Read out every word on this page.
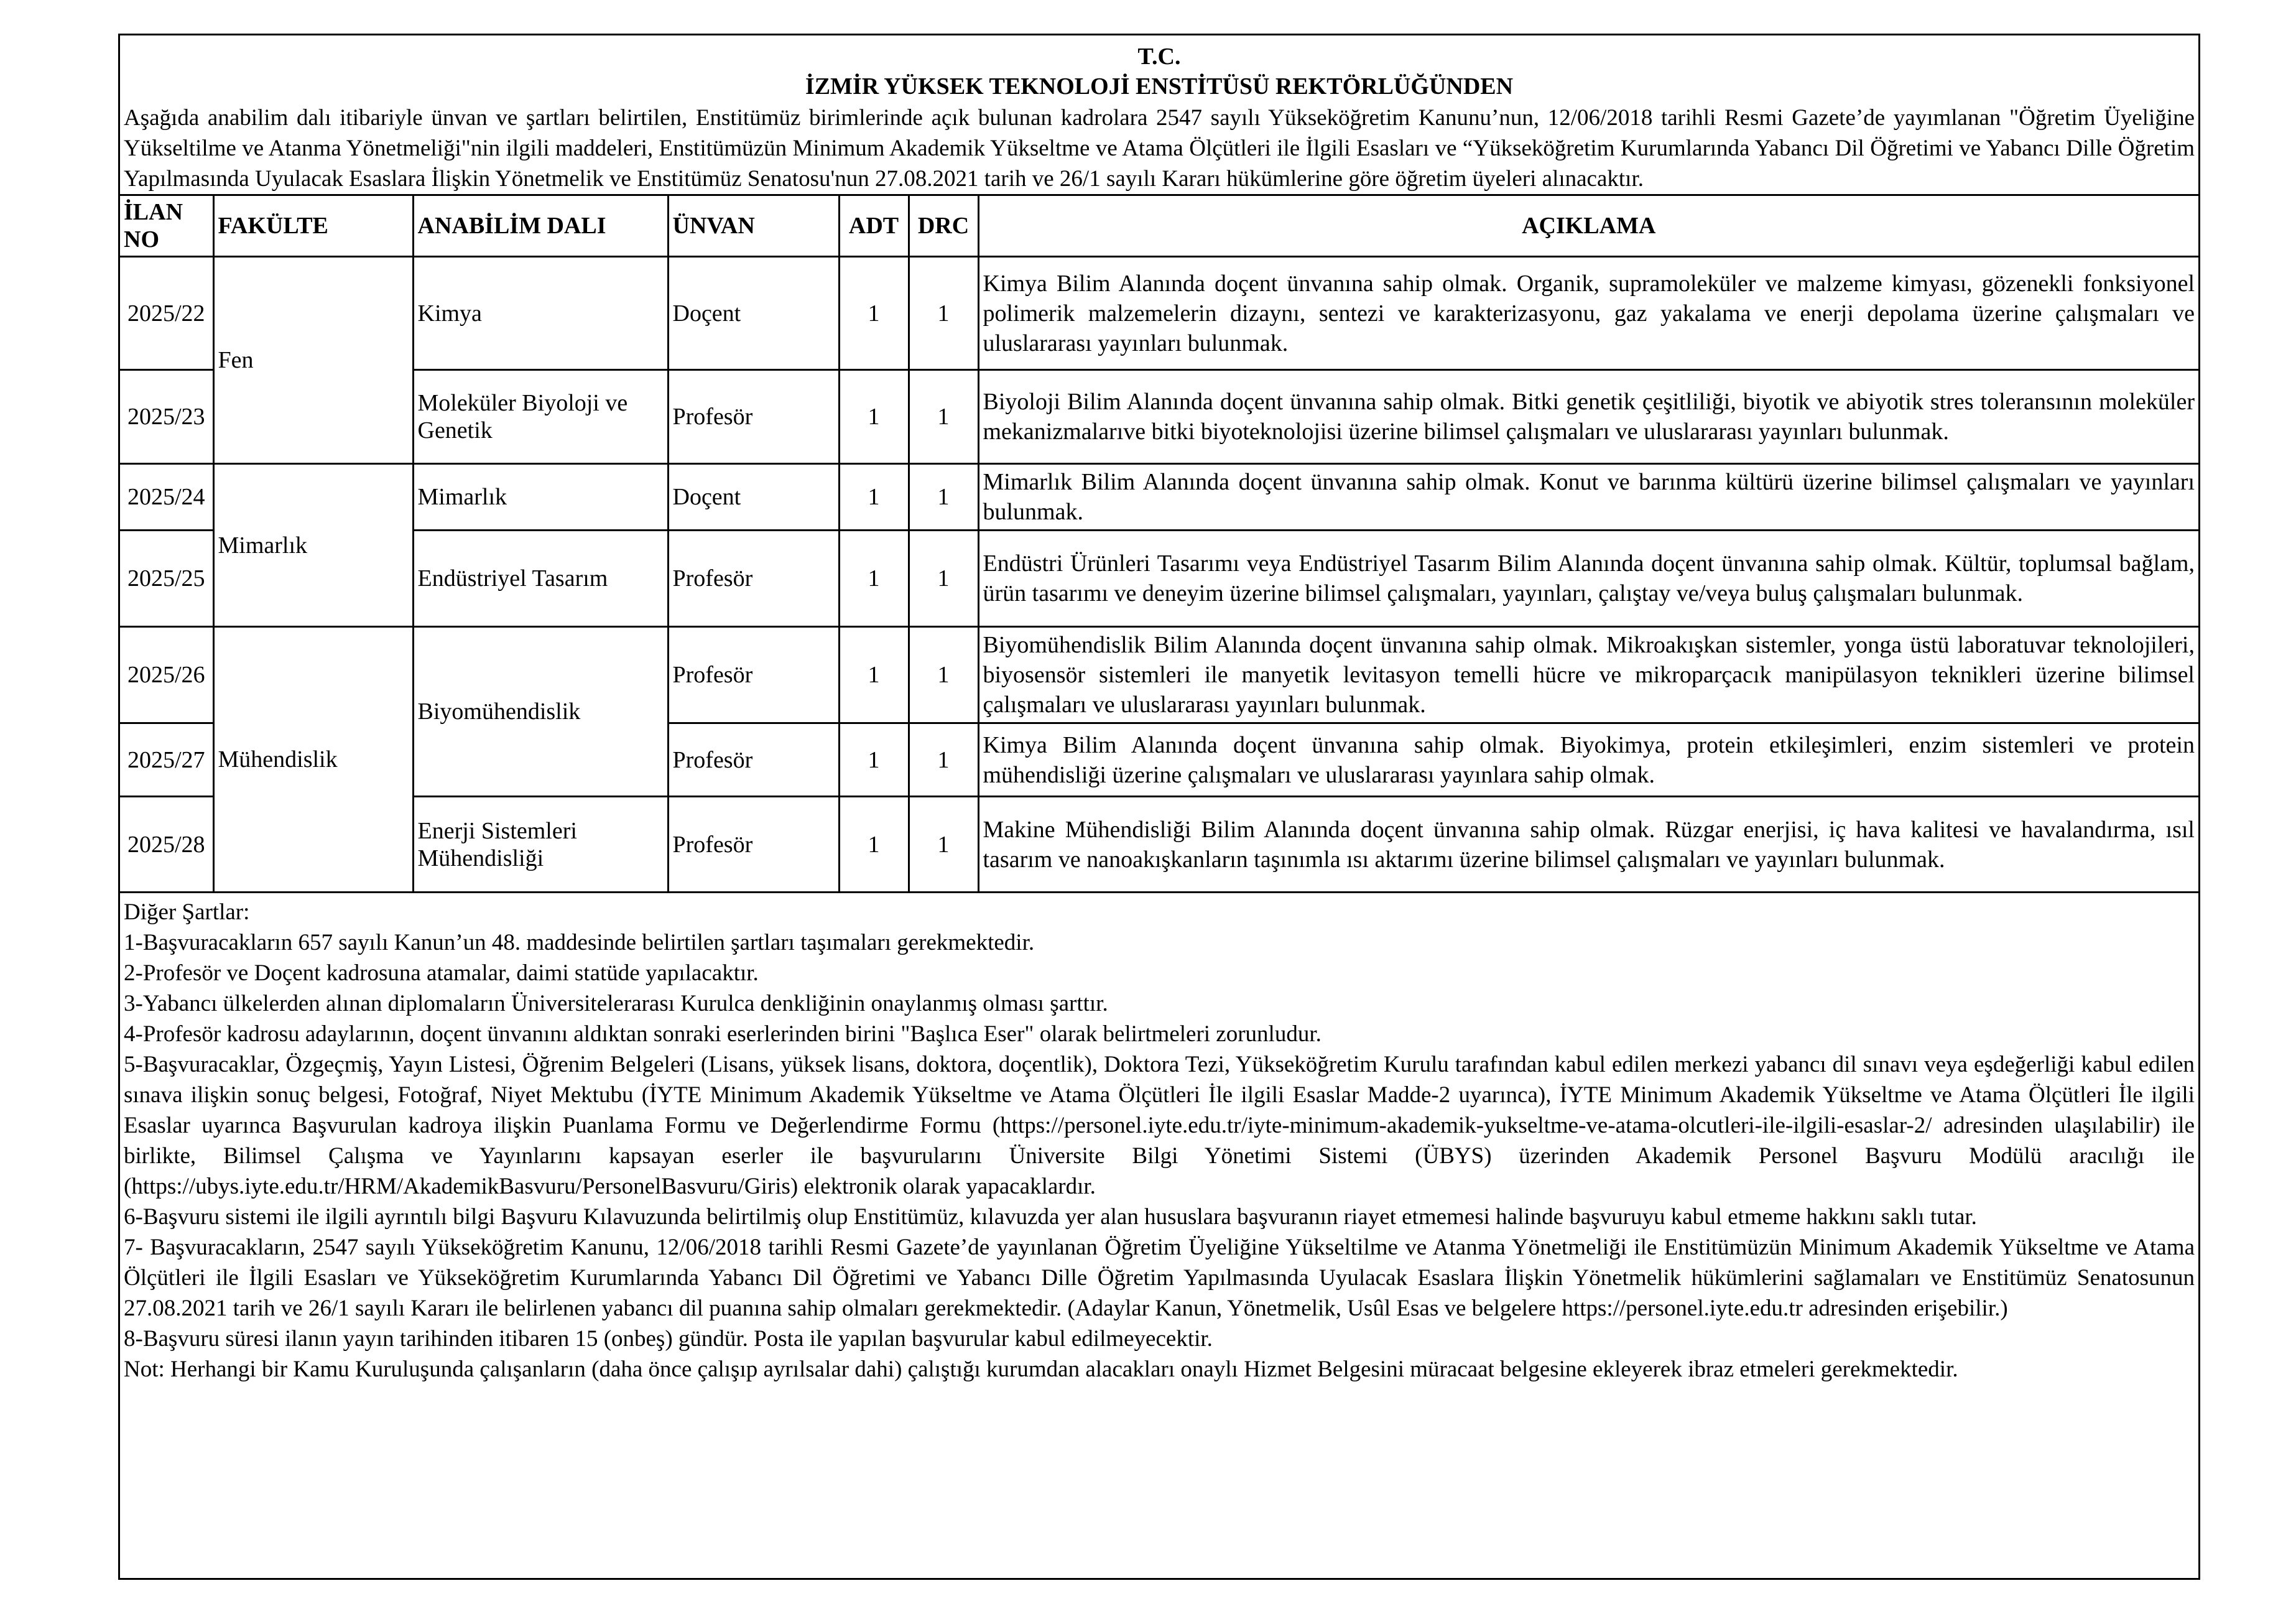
T.C.
İZMİR YÜKSEK TEKNOLOJİ ENSTİTÜSÜ REKTÖRLÜĞÜNDEN
Aşağıda anabilim dalı itibariyle ünvan ve şartları belirtilen, Enstitümüz birimlerinde açık bulunan kadrolara 2547 sayılı Yükseköğretim Kanunu’nun, 12/06/2018 tarihli Resmi Gazete’de yayımlanan "Öğretim Üyeliğine Yükseltilme ve Atanma Yönetmeliği"nin ilgili maddeleri, Enstitümüzün Minimum Akademik Yükseltme ve Atama Ölçütleri ile İlgili Esasları ve “Yükseköğretim Kurumlarında Yabancı Dil Öğretimi ve Yabancı Dille Öğretim Yapılmasında Uyulacak Esaslara İlişkin Yönetmelik ve Enstitümüz Senatosu'nun 27.08.2021 tarih ve 26/1 sayılı Kararı hükümlerine göre öğretim üyeleri alınacaktır.
İLAN NO	FAKÜLTE	ANABİLİM DALI	ÜNVAN	ADT	DRC	AÇIKLAMA
2025/22	Fen	Kimya	Doçent	1	1	Kimya Bilim Alanında doçent ünvanına sahip olmak. Organik, supramoleküler ve malzeme kimyası, gözenekli fonksiyonel polimerik malzemelerin dizaynı, sentezi ve karakterizasyonu, gaz yakalama ve enerji depolama üzerine çalışmaları ve uluslararası yayınları bulunmak.
2025/23		Moleküler Biyoloji ve Genetik	Profesör	1	1	Biyoloji Bilim Alanında doçent ünvanına sahip olmak. Bitki genetik çeşitliliği, biyotik ve abiyotik stres toleransının moleküler mekanizmalarıve bitki biyoteknolojisi üzerine bilimsel çalışmaları ve uluslararası yayınları bulunmak.
2025/24	Mimarlık	Mimarlık	Doçent	1	1	Mimarlık Bilim Alanında doçent ünvanına sahip olmak. Konut ve barınma kültürü üzerine bilimsel çalışmaları ve yayınları bulunmak.
2025/25		Endüstriyel Tasarım	Profesör	1	1	Endüstri Ürünleri Tasarımı veya Endüstriyel Tasarım Bilim Alanında doçent ünvanına sahip olmak. Kültür, toplumsal bağlam, ürün tasarımı ve deneyim üzerine bilimsel çalışmaları, yayınları, çalıştay ve/veya buluş çalışmaları bulunmak.
2025/26	Mühendislik	Biyomühendislik	Profesör	1	1	Biyomühendislik Bilim Alanında doçent ünvanına sahip olmak. Mikroakışkan sistemler, yonga üstü laboratuvar teknolojileri, biyosensör sistemleri ile manyetik levitasyon temelli hücre ve mikroparçacık manipülasyon teknikleri üzerine bilimsel çalışmaları ve uluslararası yayınları bulunmak.
2025/27			Profesör	1	1	Kimya Bilim Alanında doçent ünvanına sahip olmak. Biyokimya, protein etkileşimleri, enzim sistemleri ve protein mühendisliği üzerine çalışmaları ve uluslararası yayınlara sahip olmak.
2025/28		Enerji Sistemleri Mühendisliği	Profesör	1	1	Makine Mühendisliği Bilim Alanında doçent ünvanına sahip olmak. Rüzgar enerjisi, iç hava kalitesi ve havalandırma, ısıl tasarım ve nanoakışkanların taşınımla ısı aktarımı üzerine bilimsel çalışmaları ve yayınları bulunmak.

Diğer Şartlar:

1-Başvuracakların 657 sayılı Kanun’un 48. maddesinde belirtilen şartları taşımaları gerekmektedir.

2-Profesör ve Doçent kadrosuna atamalar, daimi statüde yapılacaktır.

3-Yabancı ülkelerden alınan diplomaların Üniversitelerarası Kurulca denkliğinin onaylanmış olması şarttır.

4-Profesör kadrosu adaylarının, doçent ünvanını aldıktan sonraki eserlerinden birini "Başlıca Eser" olarak belirtmeleri zorunludur.

5-Başvuracaklar, Özgeçmiş, Yayın Listesi, Öğrenim Belgeleri (Lisans, yüksek lisans, doktora, doçentlik), Doktora Tezi, Yükseköğretim Kurulu tarafından kabul edilen merkezi yabancı dil sınavı veya eşdeğerliği kabul edilen sınava ilişkin sonuç belgesi, Fotoğraf, Niyet Mektubu (İYTE Minimum Akademik Yükseltme ve Atama Ölçütleri İle ilgili Esaslar Madde-2 uyarınca), İYTE Minimum Akademik Yükseltme ve Atama Ölçütleri İle ilgili Esaslar uyarınca Başvurulan kadroya ilişkin Puanlama Formu ve Değerlendirme Formu (https://personel.iyte.edu.tr/iyte-minimum-akademik-yukseltme-ve-atama-olcutleri-ile-ilgili-esaslar-2/ adresinden ulaşılabilir) ile birlikte, Bilimsel Çalışma ve Yayınlarını kapsayan eserler ile başvurularını Üniversite Bilgi Yönetimi Sistemi (ÜBYS) üzerinden Akademik Personel Başvuru Modülü aracılığı ile (https://ubys.iyte.edu.tr/HRM/AkademikBasvuru/PersonelBasvuru/Giris) elektronik olarak yapacaklardır.

6-Başvuru sistemi ile ilgili ayrıntılı bilgi Başvuru Kılavuzunda belirtilmiş olup Enstitümüz, kılavuzda yer alan hususlara başvuranın riayet etmemesi halinde başvuruyu kabul etmeme hakkını saklı tutar.

7- Başvuracakların, 2547 sayılı Yükseköğretim Kanunu, 12/06/2018 tarihli Resmi Gazete’de yayınlanan Öğretim Üyeliğine Yükseltilme ve Atanma Yönetmeliği ile Enstitümüzün Minimum Akademik Yükseltme ve Atama Ölçütleri ile İlgili Esasları ve Yükseköğretim Kurumlarında Yabancı Dil Öğretimi ve Yabancı Dille Öğretim Yapılmasında Uyulacak Esaslara İlişkin Yönetmelik hükümlerini sağlamaları ve Enstitümüz Senatosunun 27.08.2021 tarih ve 26/1 sayılı Kararı ile belirlenen yabancı dil puanına sahip olmaları gerekmektedir. (Adaylar Kanun, Yönetmelik, Usûl Esas ve belgelere https://personel.iyte.edu.tr adresinden erişebilir.)

8-Başvuru süresi ilanın yayın tarihinden itibaren 15 (onbeş) gündür. Posta ile yapılan başvurular kabul edilmeyecektir.

Not: Herhangi bir Kamu Kuruluşunda çalışanların (daha önce çalışıp ayrılsalar dahi) çalıştığı kurumdan alacakları onaylı Hizmet Belgesini müracaat belgesine ekleyerek ibraz etmeleri gerekmektedir.
